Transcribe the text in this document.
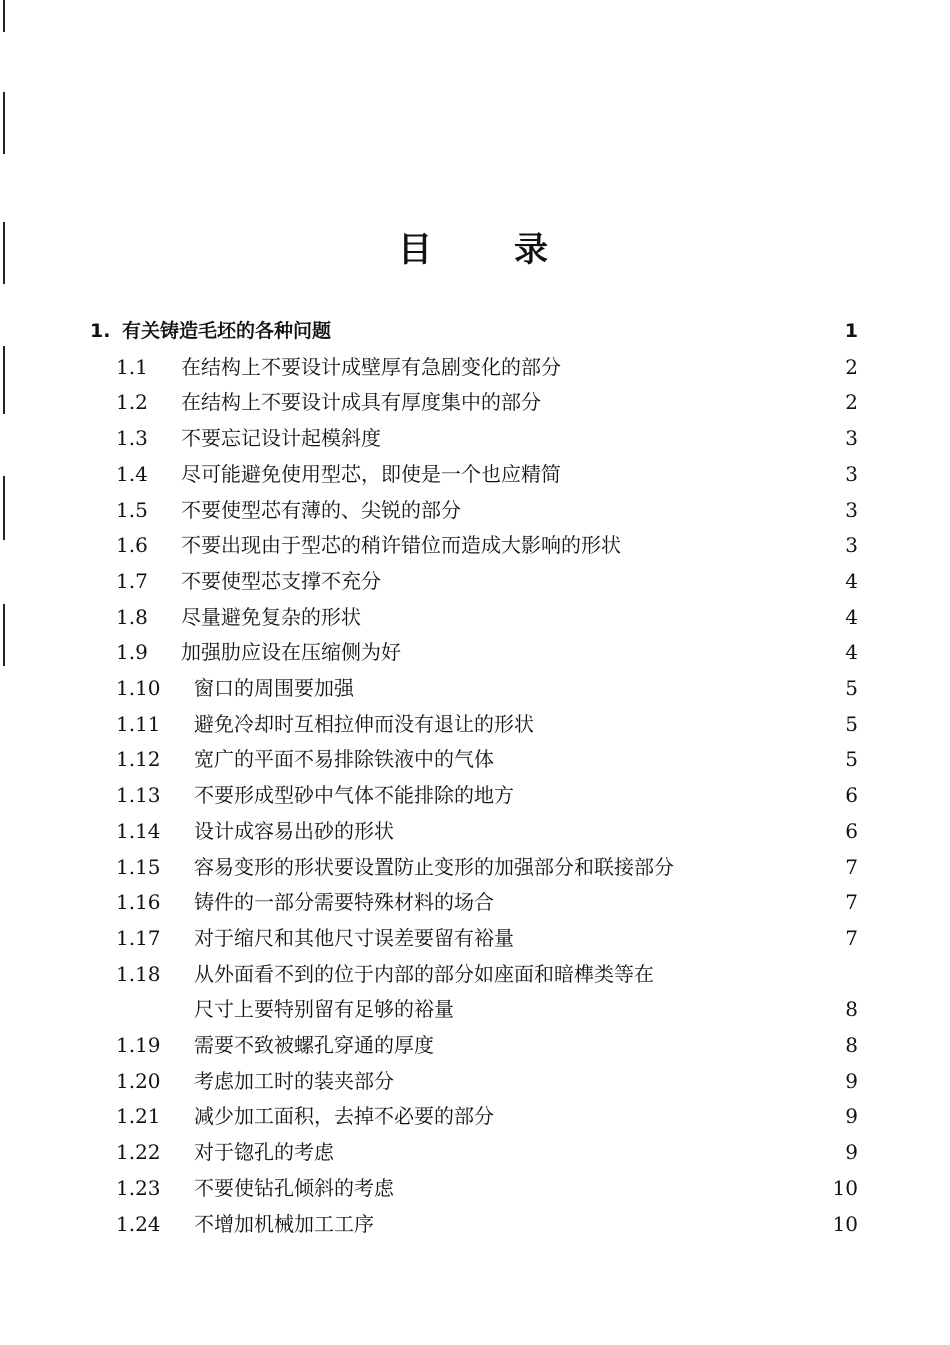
目 录
1. 有关铸造毛坯的各种问题	1
1.1 在结构上不要设计成壁厚有急剧变化的部分	2
1.2 在结构上不要设计成具有厚度集中的部分	2
1.3 不要忘记设计起模斜度	3
1.4 尽可能避免使用型芯，即使是一个也应精简	3
1.5 不要使型芯有薄的、尖锐的部分	3
1.6 不要出现由于型芯的稍许错位而造成大影响的形状	3
1.7 不要使型芯支撑不充分	4
1.8 尽量避免复杂的形状	4
1.9 加强肋应设在压缩侧为好	4
1.10 窗口的周围要加强	5
1.11 避免冷却时互相拉伸而没有退让的形状	5
1.12 宽广的平面不易排除铁液中的气体	5
1.13 不要形成型砂中气体不能排除的地方	6
1.14 设计成容易出砂的形状	6
1.15 容易变形的形状要设置防止变形的加强部分和联接部分	7
1.16 铸件的一部分需要特殊材料的场合	7
1.17 对于缩尺和其他尺寸误差要留有裕量	7
1.18 从外面看不到的位于内部的部分如座面和暗榫类等在
尺寸上要特别留有足够的裕量	8
1.19 需要不致被螺孔穿通的厚度	8
1.20 考虑加工时的装夹部分	9
1.21 减少加工面积，去掉不必要的部分	9
1.22 对于锪孔的考虑	9
1.23 不要使钻孔倾斜的考虑	10
1.24 不增加机械加工工序	10
